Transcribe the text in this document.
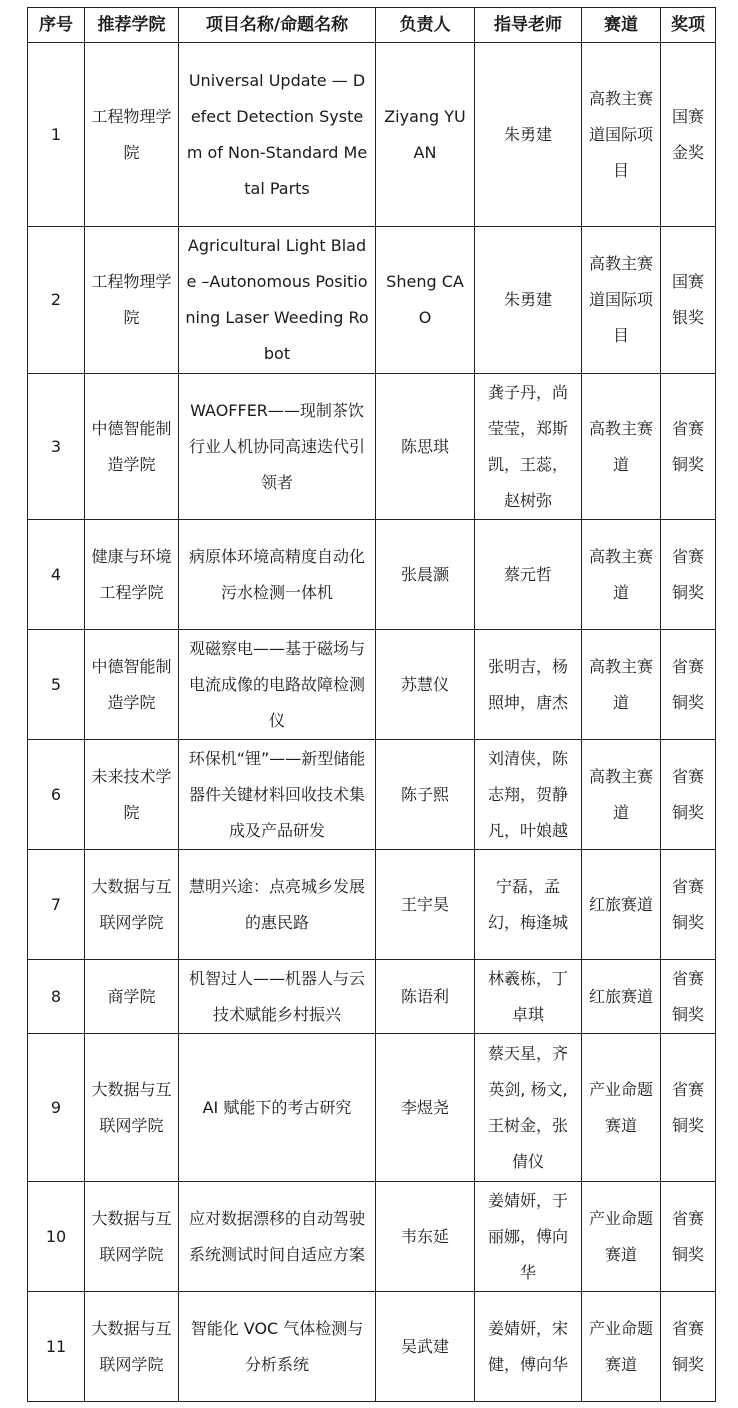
序号	推荐学院	项目名称/命题名称	负责人	指导老师	赛道	奖项
1	工程物理学院	Universal Update — Defect Detection System of Non-Standard Metal Parts	Ziyang YUAN	朱勇建	高教主赛道国际项目	国赛金奖
2	工程物理学院	Agricultural Light Blade –Autonomous Positioning Laser Weeding Robot	Sheng CAO	朱勇建	高教主赛道国际项目	国赛银奖
3	中德智能制造学院	WAOFFER——现制茶饮行业人机协同高速迭代引领者	陈思琪	龚子丹，尚莹莹，郑斯凯，王蕊，赵树弥	高教主赛道	省赛铜奖
4	健康与环境工程学院	病原体环境高精度自动化污水检测一体机	张晨灏	蔡元哲	高教主赛道	省赛铜奖
5	中德智能制造学院	观磁察电——基于磁场与电流成像的电路故障检测仪	苏慧仪	张明吉，杨照坤，唐杰	高教主赛道	省赛铜奖
6	未来技术学院	环保机“锂”——新型储能器件关键材料回收技术集成及产品研发	陈子熙	刘清侠，陈志翔，贺静凡，叶娘越	高教主赛道	省赛铜奖
7	大数据与互联网学院	慧明兴途：点亮城乡发展的惠民路	王宇昊	宁磊，孟幻，梅逢城	红旅赛道	省赛铜奖
8	商学院	机智过人——机器人与云技术赋能乡村振兴	陈语利	林羲栋，丁卓琪	红旅赛道	省赛铜奖
9	大数据与互联网学院	AI 赋能下的考古研究	李煜尧	蔡天星，齐英剑, 杨文,王树金，张倩仪	产业命题赛道	省赛铜奖
10	大数据与互联网学院	应对数据漂移的自动驾驶系统测试时间自适应方案	韦东延	姜婧妍，于丽娜，傅向华	产业命题赛道	省赛铜奖
11	大数据与互联网学院	智能化 VOC 气体检测与分析系统	吴武建	姜婧妍，宋健，傅向华	产业命题赛道	省赛铜奖
